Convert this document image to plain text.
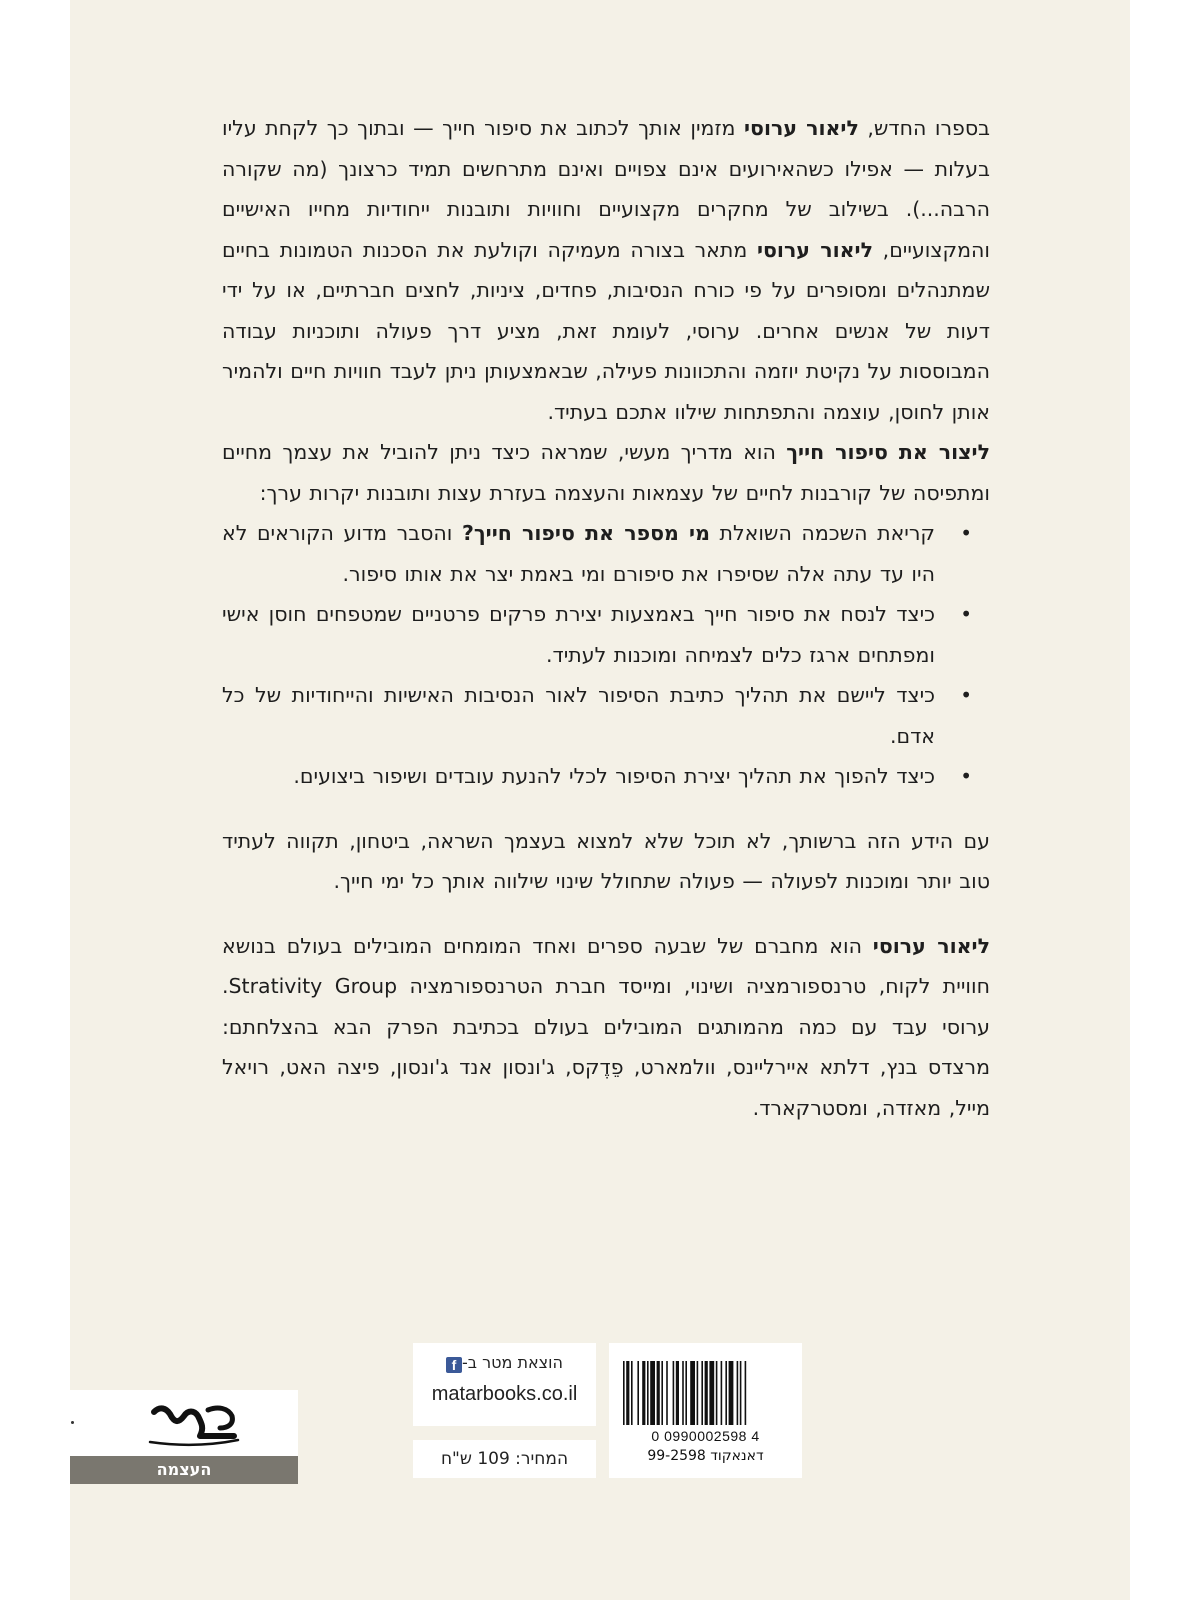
בספרו החדש, ליאור ערוסי מזמין אותך לכתוב את סיפור חייך — ובתוך כך לקחת עליו בעלות — אפילו כשהאירועים אינם צפויים ואינם מתרחשים תמיד כרצונך (מה שקורה הרבה...). בשילוב של מחקרים מקצועיים וחוויות ותובנות ייחודיות מחייו האישיים והמקצועיים, ליאור ערוסי מתאר בצורה מעמיקה וקולעת את הסכנות הטמונות בחיים שמתנהלים ומסופרים על פי כורח הנסיבות, פחדים, ציניות, לחצים חברתיים, או על ידי דעות של אנשים אחרים. ערוסי, לעומת זאת, מציע דרך פעולה ותוכניות עבודה המבוססות על נקיטת יוזמה והתכוונות פעילה, שבאמצעותן ניתן לעבד חוויות חיים ולהמיר אותן לחוסן, עוצמה והתפתחות שילוו אתכם בעתיד.

ליצור את סיפור חייך הוא מדריך מעשי, שמראה כיצד ניתן להוביל את עצמך מחיים ומתפיסה של קורבנות לחיים של עצמאות והעצמה בעזרת עצות ותובנות יקרות ערך:

• קריאת השכמה השואלת מי מספר את סיפור חייך? והסבר מדוע הקוראים לא היו עד עתה אלה שסיפרו את סיפורם ומי באמת יצר את אותו סיפור.
• כיצד לנסח את סיפור חייך באמצעות יצירת פרקים פרטניים שמטפחים חוסן אישי ומפתחים ארגז כלים לצמיחה ומוכנות לעתיד.
• כיצד ליישם את תהליך כתיבת הסיפור לאור הנסיבות האישיות והייחודיות של כל אדם.
• כיצד להפוך את תהליך יצירת הסיפור לכלי להנעת עובדים ושיפור ביצועים.

עם הידע הזה ברשותך, לא תוכל שלא למצוא בעצמך השראה, ביטחון, תקווה לעתיד טוב יותר ומוכנות לפעולה — פעולה שתחולל שינוי שילווה אותך כל ימי חייך.

ליאור ערוסי הוא מחברם של שבעה ספרים ואחד המומחים המובילים בעולם בנושא חוויית לקוח, טרנספורמציה ושינוי, ומייסד חברת הטרנספורמציה Strativity Group. ערוסי עבד עם כמה מהמותגים המובילים בעולם בכתיבת הפרק הבא בהצלחתם: מרצדס בנץ, דלתא איירליינס, וולמארט, פֵדֶקס, ג'ונסון אנד ג'ונסון, פיצה האט, רויאל מייל, מאזדה, ומסטרקארד.

העצמה
הוצאת מטר ב-f
matarbooks.co.il
המחיר: 109 ש"ח
0 0990002598 4
דאנאקוד 99-2598
